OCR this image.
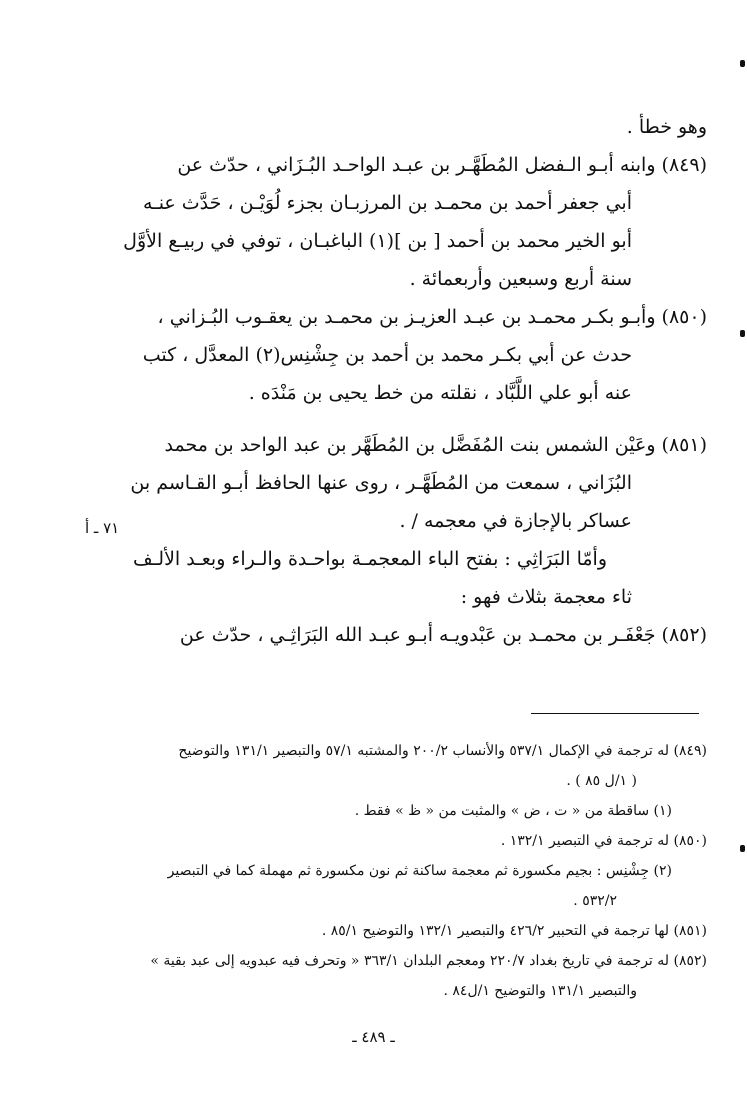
وهو خطأ .
(٨٤٩) وابنه أبـو الـفضل المُطَهَّـر بن عبـد الواحـد البُـزَاني ، حدّث عن
أبي جعفر أحمد بن محمـد بن المرزبـان بجزء لُوَيْـن ، حَدَّث عنـه
أبو الخير محمد بن أحمد [ بن ](١) الباغبـان ، توفي في ربيـع الأوَّل
سنة أربع وسبعين وأربعمائة .
(٨٥٠) وأبـو بكـر محمـد بن عبـد العزيـز بن محمـد بن يعقـوب البُـزاني ،
حدث عن أبي بكـر محمد بن أحمد بن جِشْنِس(٢) المعدَّل ، كتب
عنه أبو علي اللَّبَّاد ، نقلته من خط يحيى بن مَنْدَه .
(٨٥١) وعَيْن الشمس بنت المُفَضَّل بن المُطَهَّر بن عبد الواحد بن محمد
البُزَاني ، سمعت من المُطَهَّـر ، روى عنها الحافظ أبـو القـاسم بن
عساكر بالإجازة في معجمه / .
وأمّا البَرَاثِي : بفتح الباء المعجمـة بواحـدة والـراء وبعـد الألـف
ثاء معجمة بثلاث فهو :
(٨٥٢) جَعْفَـر بن محمـد بن عَبْدويـه أبـو عبـد الله البَرَاثِـي ، حدّث عن
٧١ ـ أ
(٨٤٩) له ترجمة في الإكمال ٥٣٧/١ والأنساب ٢٠٠/٢ والمشتبه ٥٧/١ والتبصير ١٣١/١ والتوضيح
( ١/ل ٨٥ ) .
(١) ساقطة من « ت ، ض » والمثبت من « ظ » فقط .
(٨٥٠) له ترجمة في التبصير ١٣٢/١ .
(٢) جِشْنِس : بجيم مكسورة ثم معجمة ساكنة ثم نون مكسورة ثم مهملة كما في التبصير
٥٣٢/٢ .
(٨٥١) لها ترجمة في التحبير ٤٢٦/٢ والتبصير ١٣٢/١ والتوضيح ٨٥/١ .
(٨٥٢) له ترجمة في تاريخ بغداد ٢٢٠/٧ ومعجم البلدان ٣٦٣/١ « وتحرف فيه عبدويه إلى عبد بقية »
والتبصير ١٣١/١ والتوضيح ١/ل٨٤ .
ـ ٤٨٩ ـ
